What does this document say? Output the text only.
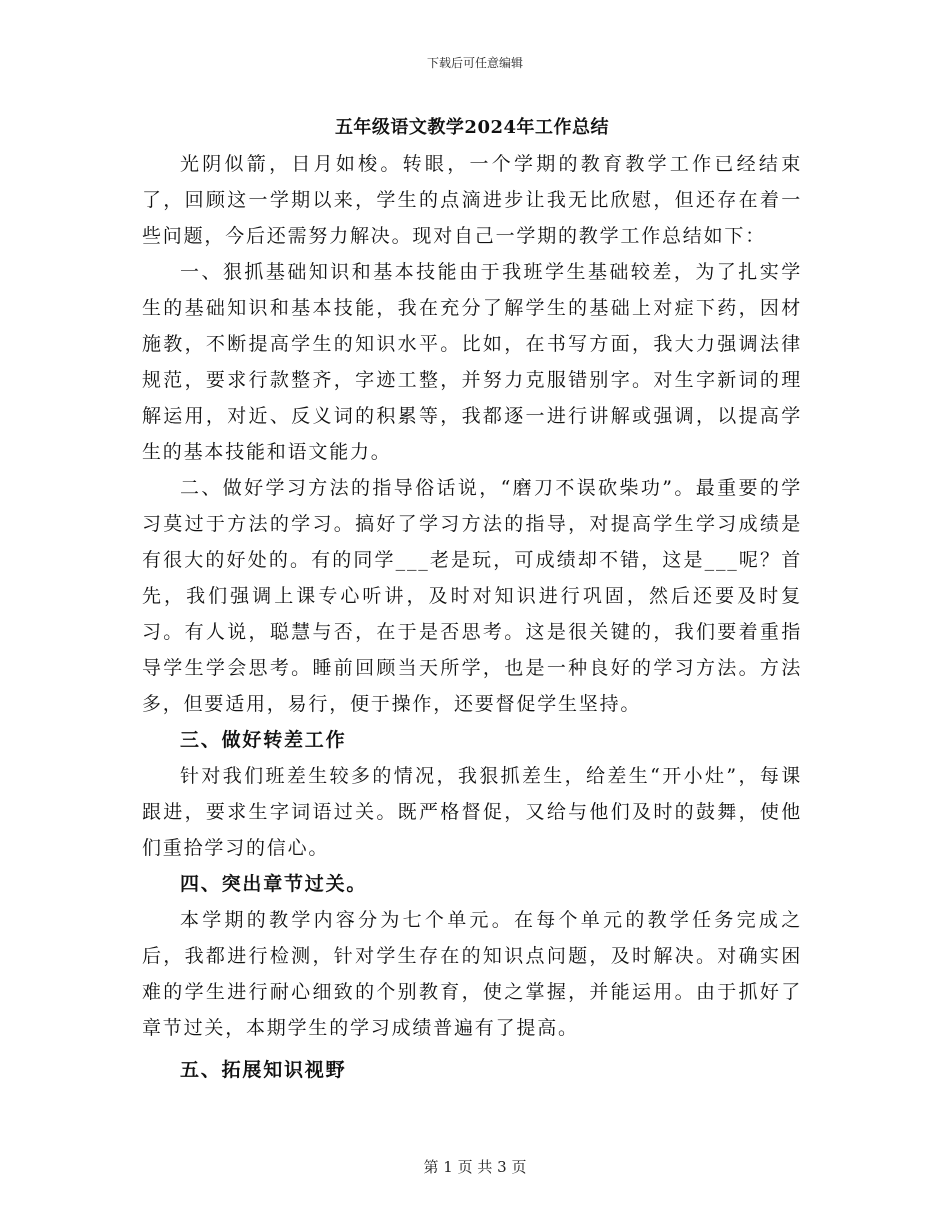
下载后可任意编辑
五年级语文教学2024年工作总结

光阴似箭，日月如梭。转眼，一个学期的教育教学工作已经结束了，回顾这一学期以来，学生的点滴进步让我无比欣慰，但还存在着一些问题，今后还需努力解决。现对自己一学期的教学工作总结如下：

一、狠抓基础知识和基本技能由于我班学生基础较差，为了扎实学生的基础知识和基本技能，我在充分了解学生的基础上对症下药，因材施教，不断提高学生的知识水平。比如，在书写方面，我大力强调法律规范，要求行款整齐，字迹工整，并努力克服错别字。对生字新词的理解运用，对近、反义词的积累等，我都逐一进行讲解或强调，以提高学生的基本技能和语文能力。

二、做好学习方法的指导俗话说，“磨刀不误砍柴功”。最重要的学习莫过于方法的学习。搞好了学习方法的指导，对提高学生学习成绩是有很大的好处的。有的同学___老是玩，可成绩却不错，这是___呢？首先，我们强调上课专心听讲，及时对知识进行巩固，然后还要及时复习。有人说，聪慧与否，在于是否思考。这是很关键的，我们要着重指导学生学会思考。睡前回顾当天所学，也是一种良好的学习方法。方法多，但要适用，易行，便于操作，还要督促学生坚持。

三、做好转差工作

针对我们班差生较多的情况，我狠抓差生，给差生“开小灶”，每课跟进，要求生字词语过关。既严格督促，又给与他们及时的鼓舞，使他们重拾学习的信心。

四、突出章节过关。

本学期的教学内容分为七个单元。在每个单元的教学任务完成之后，我都进行检测，针对学生存在的知识点问题，及时解决。对确实困难的学生进行耐心细致的个别教育，使之掌握，并能运用。由于抓好了章节过关，本期学生的学习成绩普遍有了提高。

五、拓展知识视野
第 1 页 共 3 页
